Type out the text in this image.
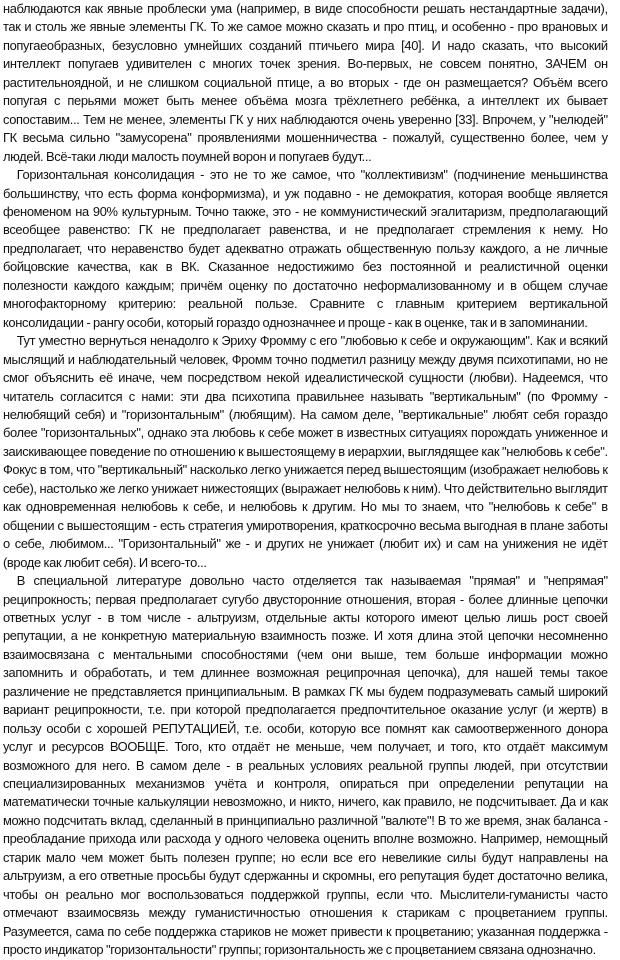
наблюдаются как явные проблески ума (например, в виде способности решать нестандартные задачи), так и столь же явные элементы ГК. То же самое можно сказать и про птиц, и особенно - про врановых и попугаеобразных, безусловно умнейших созданий птичьего мира [40]. И надо сказать, что высокий интеллект попугаев удивителен с многих точек зрения. Во-первых, не совсем понятно, ЗАЧЕМ он растительноядной, и не слишком социальной птице, а во вторых - где он размещается? Объём всего попугая с перьями может быть менее объёма мозга трёхлетнего ребёнка, а интеллект их бывает сопоставим... Тем не менее, элементы ГК у них наблюдаются очень уверенно [33]. Впрочем, у "нелюдей" ГК весьма сильно "замусорена" проявлениями мошенничества - пожалуй, существенно более, чем у людей. Всё-таки люди малость поумней ворон и попугаев будут...

Горизонтальная консолидация - это не то же самое, что "коллективизм" (подчинение меньшинства большинству, что есть форма конформизма), и уж подавно - не демократия, которая вообще является феноменом на 90% культурным. Точно также, это - не коммунистический эгалитаризм, предполагающий всеобщее равенство: ГК не предполагает равенства, и не предполагает стремления к нему. Но предполагает, что неравенство будет адекватно отражать общественную пользу каждого, а не личные бойцовские качества, как в ВК. Сказанное недостижимо без постоянной и реалистичной оценки полезности каждого каждым; причём оценку по достаточно неформализованному и в общем случае многофакторному критерию: реальной пользе. Сравните с главным критерием вертикальной консолидации - рангу особи, который гораздо однозначнее и проще - как в оценке, так и в запоминании.

Тут уместно вернуться ненадолго к Эриху Фромму с его "любовью к себе и окружающим". Как и всякий мыслящий и наблюдательный человек, Фромм точно подметил разницу между двумя психотипами, но не смог объяснить её иначе, чем посредством некой идеалистической сущности (любви). Надеемся, что читатель согласится с нами: эти два психотипа правильнее называть "вертикальным" (по Фромму - нелюбящий себя) и "горизонтальным" (любящим). На самом деле, "вертикальные" любят себя гораздо более "горизонтальных", однако эта любовь к себе может в известных ситуациях порождать униженное и заискивающее поведение по отношению к вышестоящему в иерархии, выглядящее как "нелюбовь к себе". Фокус в том, что "вертикальный" насколько легко унижается перед вышестоящим (изображает нелюбовь к себе), настолько же легко унижает нижестоящих (выражает нелюбовь к ним). Что действительно выглядит как одновременная нелюбовь к себе, и нелюбовь к другим. Но мы то знаем, что "нелюбовь к себе" в общении с вышестоящим - есть стратегия умиротворения, краткосрочно весьма выгодная в плане заботы о себе, любимом... "Горизонтальный" же - и других не унижает (любит их) и сам на унижения не идёт (вроде как любит себя). И всего-то...

В специальной литературе довольно часто отделяется так называемая "прямая" и "непрямая" реципрокность; первая предполагает сугубо двусторонние отношения, вторая - более длинные цепочки ответных услуг - в том числе - альтруизм, отдельные акты которого имеют целью лишь рост своей репутации, а не конкретную материальную взаимность позже. И хотя длина этой цепочки несомненно взаимосвязана с ментальными способностями (чем они выше, тем больше информации можно запомнить и обработать, и тем длиннее возможная реципрочная цепочка), для нашей темы такое различение не представляется принципиальным. В рамках ГК мы будем подразумевать самый широкий вариант реципрокности, т.е. при которой предполагается предпочтительное оказание услуг (и жертв) в пользу особи с хорошей РЕПУТАЦИЕЙ, т.е. особи, которую все помнят как самоотверженного донора услуг и ресурсов ВООБЩЕ. Того, кто отдаёт не меньше, чем получает, и того, кто отдаёт максимум возможного для него. В самом деле - в реальных условиях реальной группы людей, при отсутствии специализированных механизмов учёта и контроля, опираться при определении репутации на математически точные калькуляции невозможно, и никто, ничего, как правило, не подсчитывает. Да и как можно подсчитать вклад, сделанный в принципиально различной "валюте"! В то же время, знак баланса - преобладание прихода или расхода у одного человека оценить вполне возможно. Например, немощный старик мало чем может быть полезен группе; но если все его невеликие силы будут направлены на альтруизм, а его ответные просьбы будут сдержанны и скромны, его репутация будет достаточно велика, чтобы он реально мог воспользоваться поддержкой группы, если что. Мыслители-гуманисты часто отмечают взаимосвязь между гуманистичностью отношения к старикам с процветанием группы. Разумеется, сама по себе поддержка стариков не может привести к процветанию; указанная поддержка - просто индикатор "горизонтальности" группы; горизонтальность же с процветанием связана однозначно.
